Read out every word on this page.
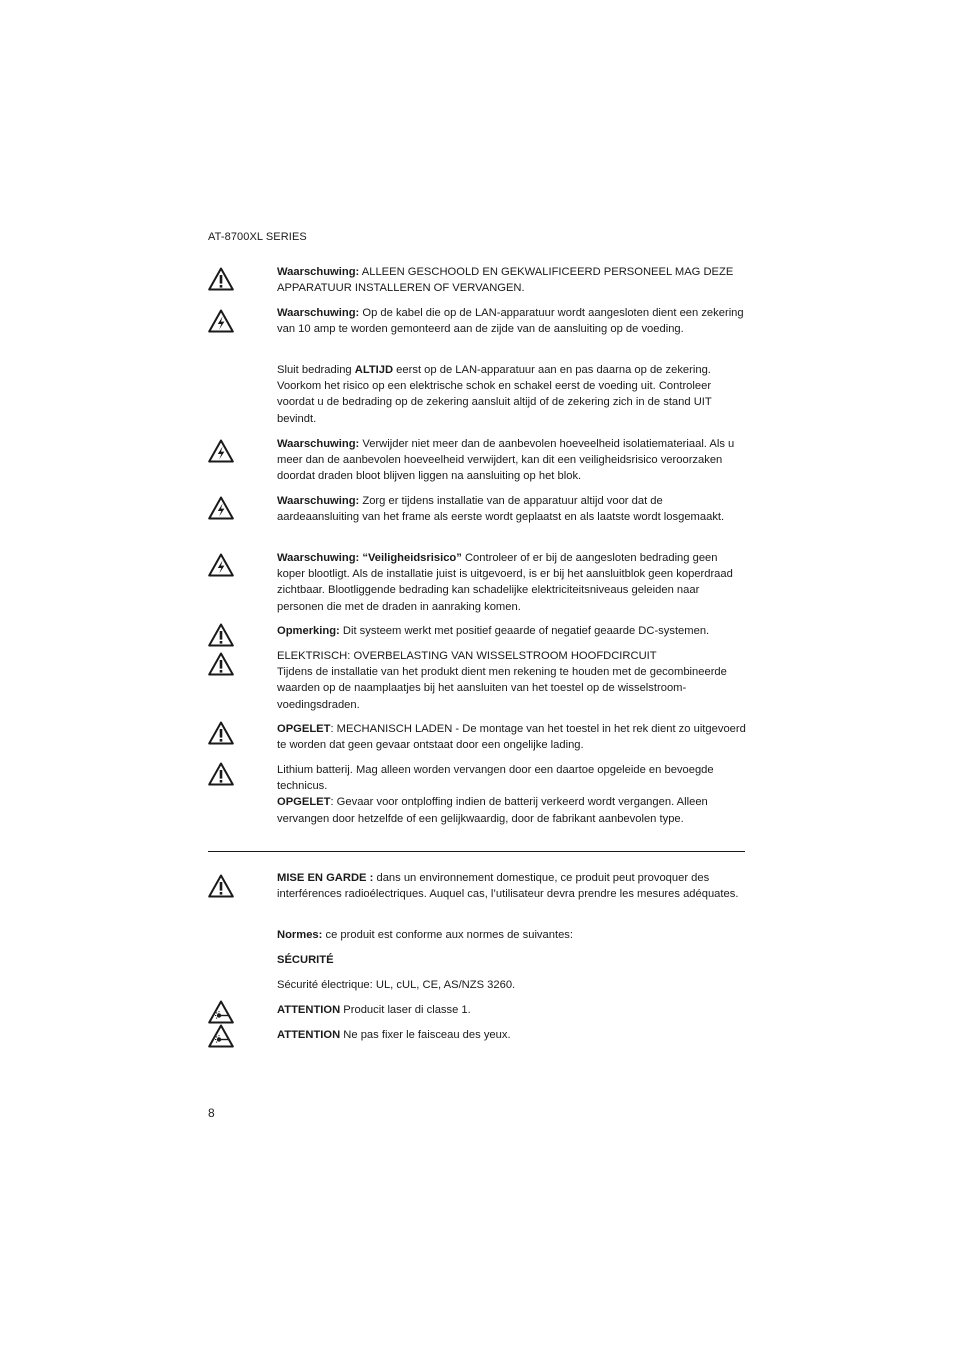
AT-8700XL SERIES

Waarschuwing: ALLEEN GESCHOOLD EN GEKWALIFICEERD PERSONEEL MAG DEZE APPARATUUR INSTALLEREN OF VERVANGEN.

Waarschuwing: Op de kabel die op de LAN-apparatuur wordt aangesloten dient een zekering van 10 amp te worden gemonteerd aan de zijde van de aansluiting op de voeding.

Sluit bedrading ALTIJD eerst op de LAN-apparatuur aan en pas daarna op de zekering. Voorkom het risico op een elektrische schok en schakel eerst de voeding uit. Controleer voordat u de bedrading op de zekering aansluit altijd of de zekering zich in de stand UIT bevindt.

Waarschuwing: Verwijder niet meer dan de aanbevolen hoeveelheid isolatiemateriaal. Als u meer dan de aanbevolen hoeveelheid verwijdert, kan dit een veiligheidsrisico veroorzaken doordat draden bloot blijven liggen na aansluiting op het blok.

Waarschuwing: Zorg er tijdens installatie van de apparatuur altijd voor dat de aardeaansluiting van het frame als eerste wordt geplaatst en als laatste wordt losgemaakt.

Waarschuwing: “Veiligheidsrisico” Controleer of er bij de aangesloten bedrading geen koper blootligt. Als de installatie juist is uitgevoerd, is er bij het aansluitblok geen koperdraad zichtbaar. Blootliggende bedrading kan schadelijke elektriciteitsniveaus geleiden naar personen die met de draden in aanraking komen.

Opmerking: Dit systeem werkt met positief geaarde of negatief geaarde DC-systemen.

ELEKTRISCH: OVERBELASTING VAN WISSELSTROOM HOOFDCIRCUIT

Tijdens de installatie van het produkt dient men rekening te houden met de gecombineerde waarden op de naamplaatjes bij het aansluiten van het toestel op de wisselstroom-voedingsdraden.

OPGELET: MECHANISCH LADEN - De montage van het toestel in het rek dient zo uitgevoerd te worden dat geen gevaar ontstaat door een ongelijke lading.

Lithium batterij. Mag alleen worden vervangen door een daartoe opgeleide en bevoegde technicus.

OPGELET: Gevaar voor ontploffing indien de batterij verkeerd wordt vergangen. Alleen vervangen door hetzelfde of een gelijkwaardig, door de fabrikant aanbevolen type.

MISE EN GARDE : dans un environnement domestique, ce produit peut provoquer des interférences radioélectriques. Auquel cas, l’utilisateur devra prendre les mesures adéquates.

Normes: ce produit est conforme aux normes de suivantes:

SÉCURITÉ

Sécurité électrique: UL, cUL, CE, AS/NZS 3260.

ATTENTION Producit laser di classe 1.

ATTENTION Ne pas fixer le faisceau des yeux.

8
